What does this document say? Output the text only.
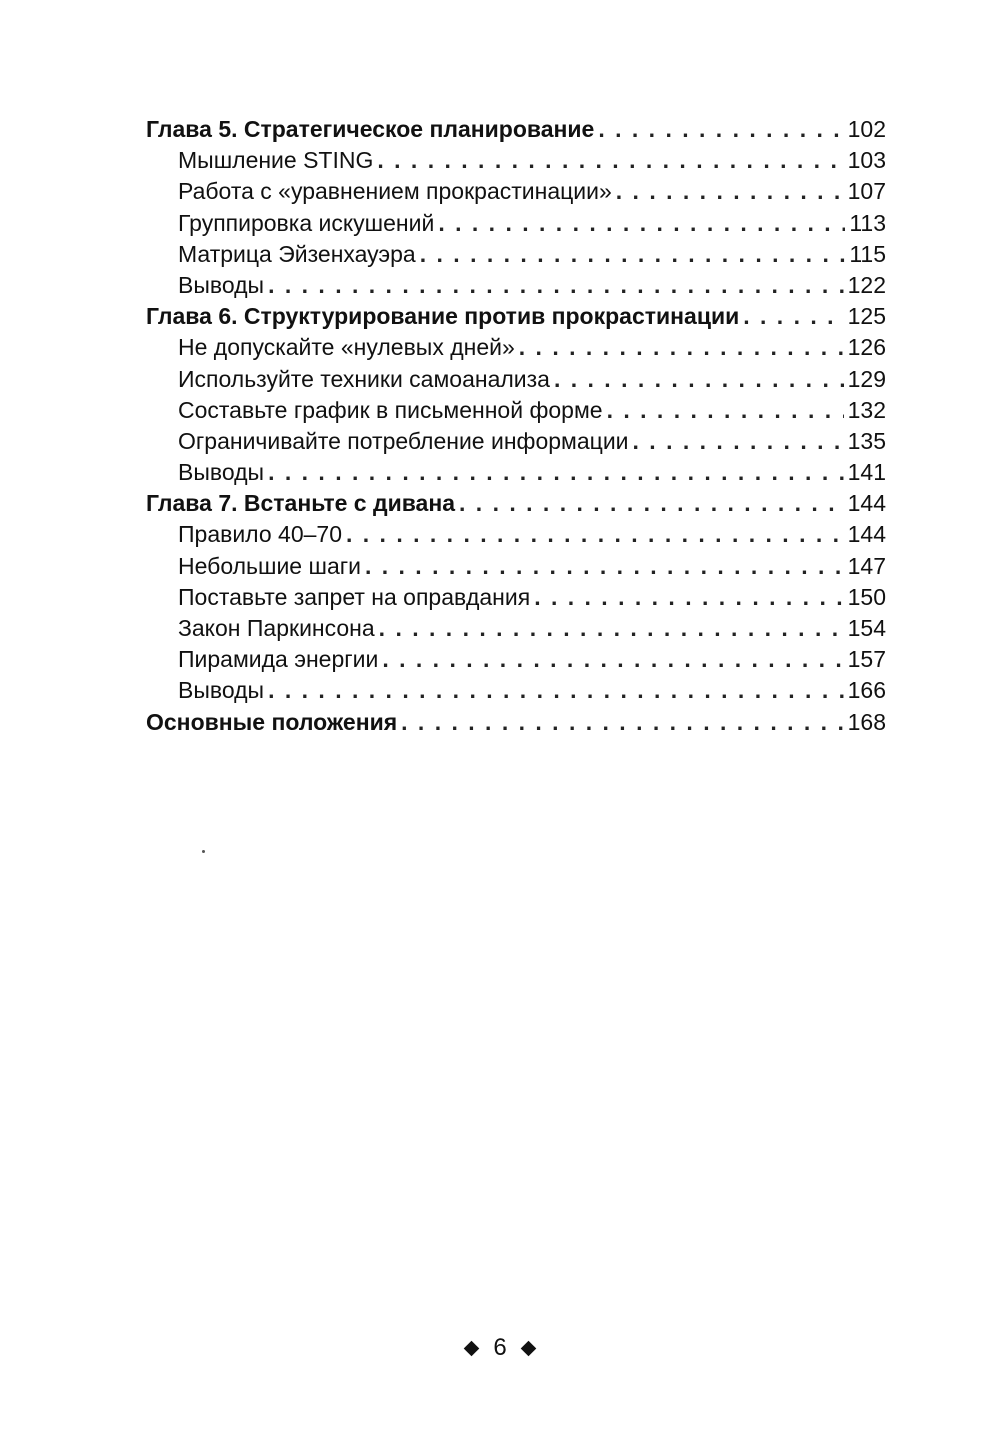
Глава 5. Стратегическое планирование . . .	102
Мышление STING . . .	103
Работа с «уравнением прокрастинации» . . .	107
Группировка искушений . . .	113
Матрица Эйзенхауэра . . .	115
Выводы . . .	122
Глава 6. Структурирование против прокрастинации . . .	125
Не допускайте «нулевых дней» . . .	126
Используйте техники самоанализа . . .	129
Составьте график в письменной форме . . .	132
Ограничивайте потребление информации . . .	135
Выводы . . .	141
Глава 7. Встаньте с дивана . . .	144
Правило 40–70 . . .	144
Небольшие шаги . . .	147
Поставьте запрет на оправдания . . .	150
Закон Паркинсона . . .	154
Пирамида энергии . . .	157
Выводы . . .	166
Основные положения . . .	168
6
